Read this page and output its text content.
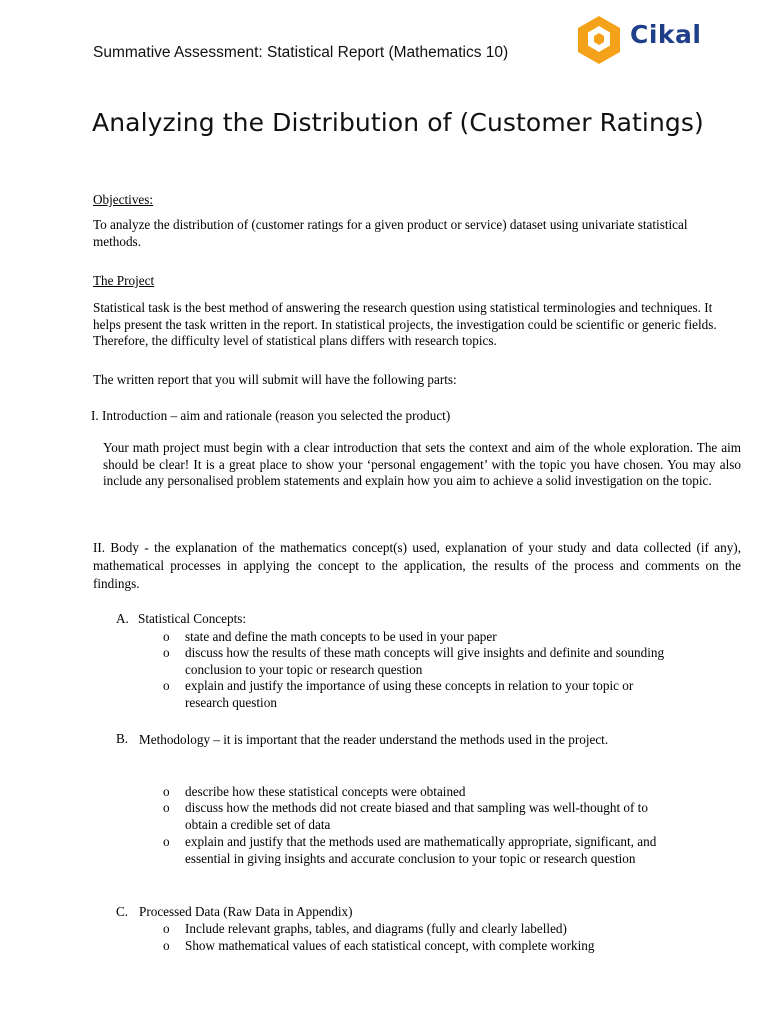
Summative Assessment: Statistical Report (Mathematics 10)
Cikal
Analyzing the Distribution of (Customer Ratings)
Objectives:
To analyze the distribution of (customer ratings for a given product or service) dataset using univariate statistical methods.
The Project
Statistical task is the best method of answering the research question using statistical terminologies and techniques. It helps present the task written in the report. In statistical projects, the investigation could be scientific or generic fields. Therefore, the difficulty level of statistical plans differs with research topics.
The written report that you will submit will have the following parts:
I. Introduction – aim and rationale (reason you selected the product)
Your math project must begin with a clear introduction that sets the context and aim of the whole exploration. The aim should be clear! It is a great place to show your ‘personal engagement’ with the topic you have chosen. You may also include any personalised problem statements and explain how you aim to achieve a solid investigation on the topic.
II. Body - the explanation of the mathematics concept(s) used, explanation of your study and data collected (if any), mathematical processes in applying the concept to the application, the results of the process and comments on the findings.
A. Statistical Concepts:
o	state and define the math concepts to be used in your paper
o	discuss how the results of these math concepts will give insights and definite and sounding conclusion to your topic or research question
o	explain and justify the importance of using these concepts in relation to your topic or research question
B. Methodology – it is important that the reader understand the methods used in the project.
o	describe how these statistical concepts were obtained
o	discuss how the methods did not create biased and that sampling was well-thought of to obtain a credible set of data
o	explain and justify that the methods used are mathematically appropriate, significant, and essential in giving insights and accurate conclusion to your topic or research question
C. Processed Data (Raw Data in Appendix)
o	Include relevant graphs, tables, and diagrams (fully and clearly labelled)
o	Show mathematical values of each statistical concept, with complete working
